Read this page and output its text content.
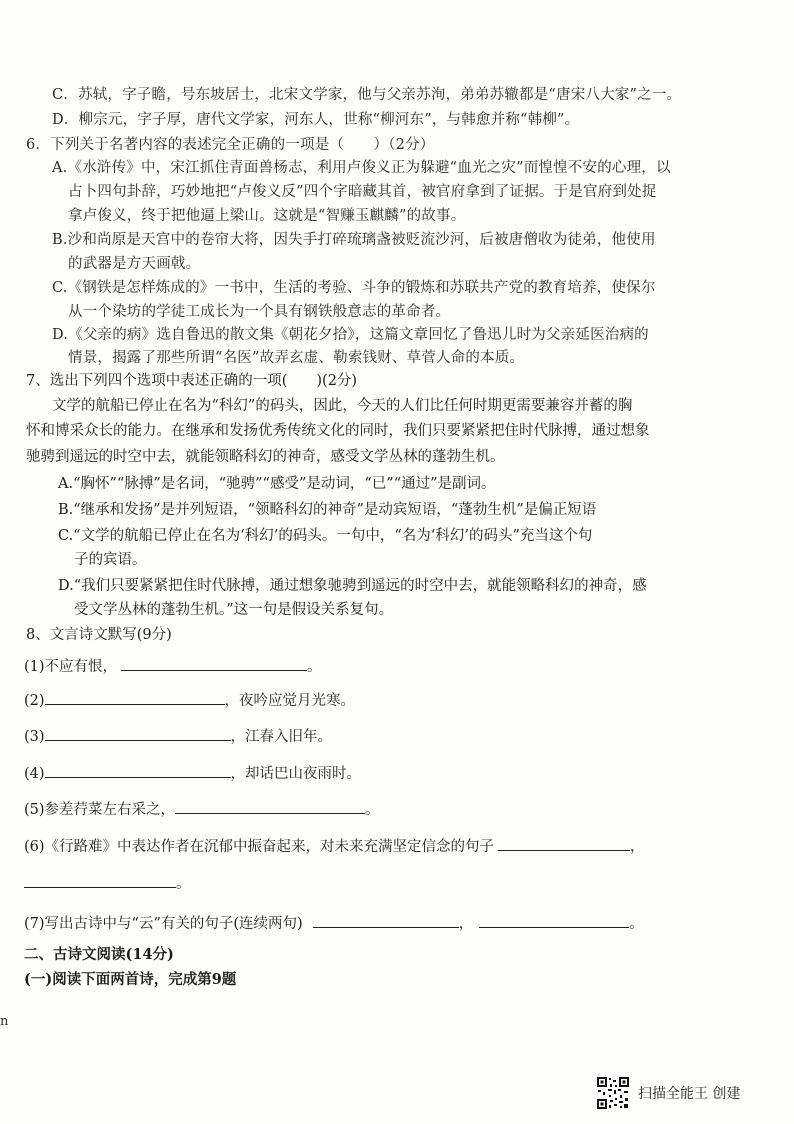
C．苏轼，字子瞻，号东坡居士，北宋文学家，他与父亲苏洵，弟弟苏辙都是“唐宋八大家”之一。
D．柳宗元，字子厚，唐代文学家，河东人，世称“柳河东”，与韩愈并称“韩柳”。
6．下列关于名著内容的表述完全正确的一项是（　　）（2分）
A.《水浒传》中，宋江抓住青面兽杨志，利用卢俊义正为躲避“血光之灾”而惶惶不安的心理，以
占卜四句卦辞，巧妙地把“卢俊义反”四个字暗藏其首，被官府拿到了证据。于是官府到处捉
拿卢俊义，终于把他逼上梁山。这就是“智赚玉麒麟”的故事。
B.沙和尚原是天宫中的卷帘大将，因失手打碎琉璃盏被贬流沙河，后被唐僧收为徒弟，他使用
的武器是方天画戟。
C.《钢铁是怎样炼成的》一书中，生活的考验、斗争的锻炼和苏联共产党的教育培养，使保尔
从一个染坊的学徒工成长为一个具有钢铁般意志的革命者。
D.《父亲的病》选自鲁迅的散文集《朝花夕拾》，这篇文章回忆了鲁迅儿时为父亲延医治病的
情景，揭露了那些所谓“名医”故弄玄虚、勒索钱财、草菅人命的本质。
7、选出下列四个选项中表述正确的一项(　　)(2分)
文学的航船已停止在名为“科幻”的码头，因此，今天的人们比任何时期更需要兼容并蓄的胸
怀和博采众长的能力。在继承和发扬优秀传统文化的同时，我们只要紧紧把住时代脉搏，通过想象
驰骋到遥远的时空中去，就能领略科幻的神奇，感受文学丛林的蓬勃生机。
A.“胸怀”“脉搏”是名词，“驰骋”“感受”是动词，“已”“通过”是副词。
B.“继承和发扬”是并列短语，“领略科幻的神奇”是动宾短语，“蓬勃生机”是偏正短语
C.“文学的航船已停止在名为‘科幻’的码头。一句中，“名为‘科幻’的码头”充当这个句
子的宾语。
D.“我们只要紧紧把住时代脉搏，通过想象驰骋到遥远的时空中去，就能领略科幻的神奇，感
受文学丛林的蓬勃生机。”这一句是假设关系复句。
8、文言诗文默写(9分)
(1)不应有恨，	。
(2)	，夜吟应觉月光寒。
(3)	，江春入旧年。
(4)	，却话巴山夜雨时。
(5)参差荇菜左右采之，	。
(6)《行路难》中表达作者在沉郁中振奋起来，对未来充满坚定信念的句子	，
。
(7)写出古诗中与“云”有关的句子(连续两句)	，	。
二、古诗文阅读(14分)
(一)阅读下面两首诗，完成第9题
n
扫描全能王 创建
